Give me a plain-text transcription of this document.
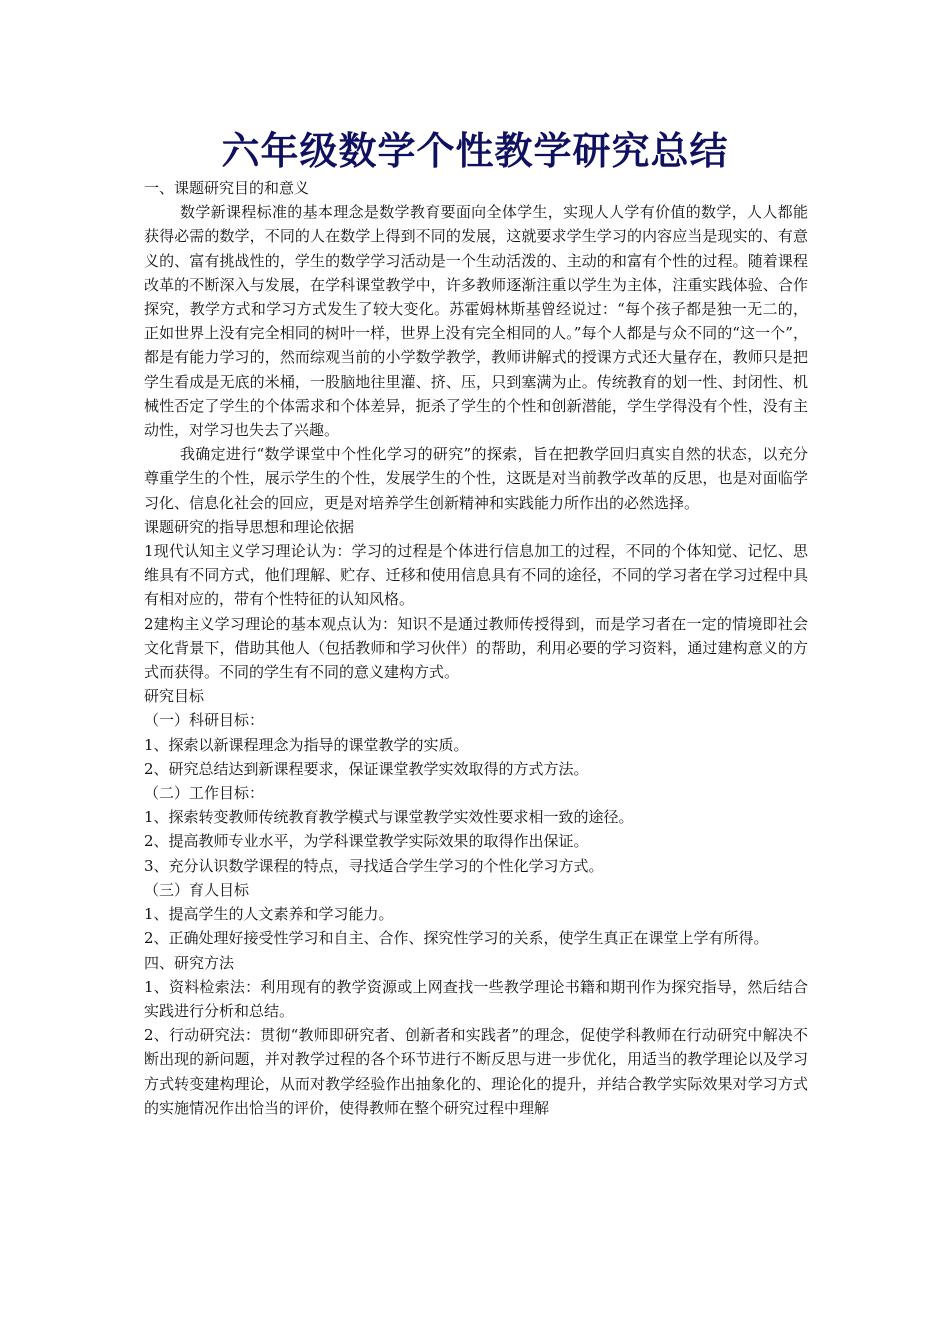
六年级数学个性教学研究总结

一、课题研究目的和意义

数学新课程标准的基本理念是数学教育要面向全体学生，实现人人学有价值的数学，人人都能获得必需的数学，不同的人在数学上得到不同的发展，这就要求学生学习的内容应当是现实的、有意义的、富有挑战性的，学生的数学学习活动是一个生动活泼的、主动的和富有个性的过程。随着课程改革的不断深入与发展，在学科课堂教学中，许多教师逐渐注重以学生为主体，注重实践体验、合作探究，教学方式和学习方式发生了较大变化。苏霍姆林斯基曾经说过：“每个孩子都是独一无二的，正如世界上没有完全相同的树叶一样，世界上没有完全相同的人。”每个人都是与众不同的“这一个”，都是有能力学习的，然而综观当前的小学数学教学，教师讲解式的授课方式还大量存在，教师只是把学生看成是无底的米桶，一股脑地往里灌、挤、压，只到塞满为止。传统教育的划一性、封闭性、机械性否定了学生的个体需求和个体差异，扼杀了学生的个性和创新潜能，学生学得没有个性，没有主动性，对学习也失去了兴趣。

我确定进行“数学课堂中个性化学习的研究”的探索，旨在把教学回归真实自然的状态，以充分尊重学生的个性，展示学生的个性，发展学生的个性，这既是对当前教学改革的反思，也是对面临学习化、信息化社会的回应，更是对培养学生创新精神和实践能力所作出的必然选择。

课题研究的指导思想和理论依据

1现代认知主义学习理论认为：学习的过程是个体进行信息加工的过程，不同的个体知觉、记忆、思维具有不同方式，他们理解、贮存、迁移和使用信息具有不同的途径，不同的学习者在学习过程中具有相对应的，带有个性特征的认知风格。

2建构主义学习理论的基本观点认为：知识不是通过教师传授得到，而是学习者在一定的情境即社会文化背景下，借助其他人（包括教师和学习伙伴）的帮助，利用必要的学习资料，通过建构意义的方式而获得。不同的学生有不同的意义建构方式。

研究目标

（一）科研目标：

1、探索以新课程理念为指导的课堂教学的实质。

2、研究总结达到新课程要求，保证课堂教学实效取得的方式方法。

（二）工作目标：

1、探索转变教师传统教育教学模式与课堂教学实效性要求相一致的途径。

2、提高教师专业水平，为学科课堂教学实际效果的取得作出保证。

3、充分认识数学课程的特点，寻找适合学生学习的个性化学习方式。

（三）育人目标

1、提高学生的人文素养和学习能力。

2、正确处理好接受性学习和自主、合作、探究性学习的关系，使学生真正在课堂上学有所得。

四、研究方法

1、资料检索法：利用现有的教学资源或上网查找一些教学理论书籍和期刊作为探究指导，然后结合实践进行分析和总结。

2、行动研究法：贯彻“教师即研究者、创新者和实践者”的理念，促使学科教师在行动研究中解决不断出现的新问题，并对教学过程的各个环节进行不断反思与进一步优化，用适当的教学理论以及学习方式转变建构理论，从而对教学经验作出抽象化的、理论化的提升，并结合教学实际效果对学习方式的实施情况作出恰当的评价，使得教师在整个研究过程中理解
